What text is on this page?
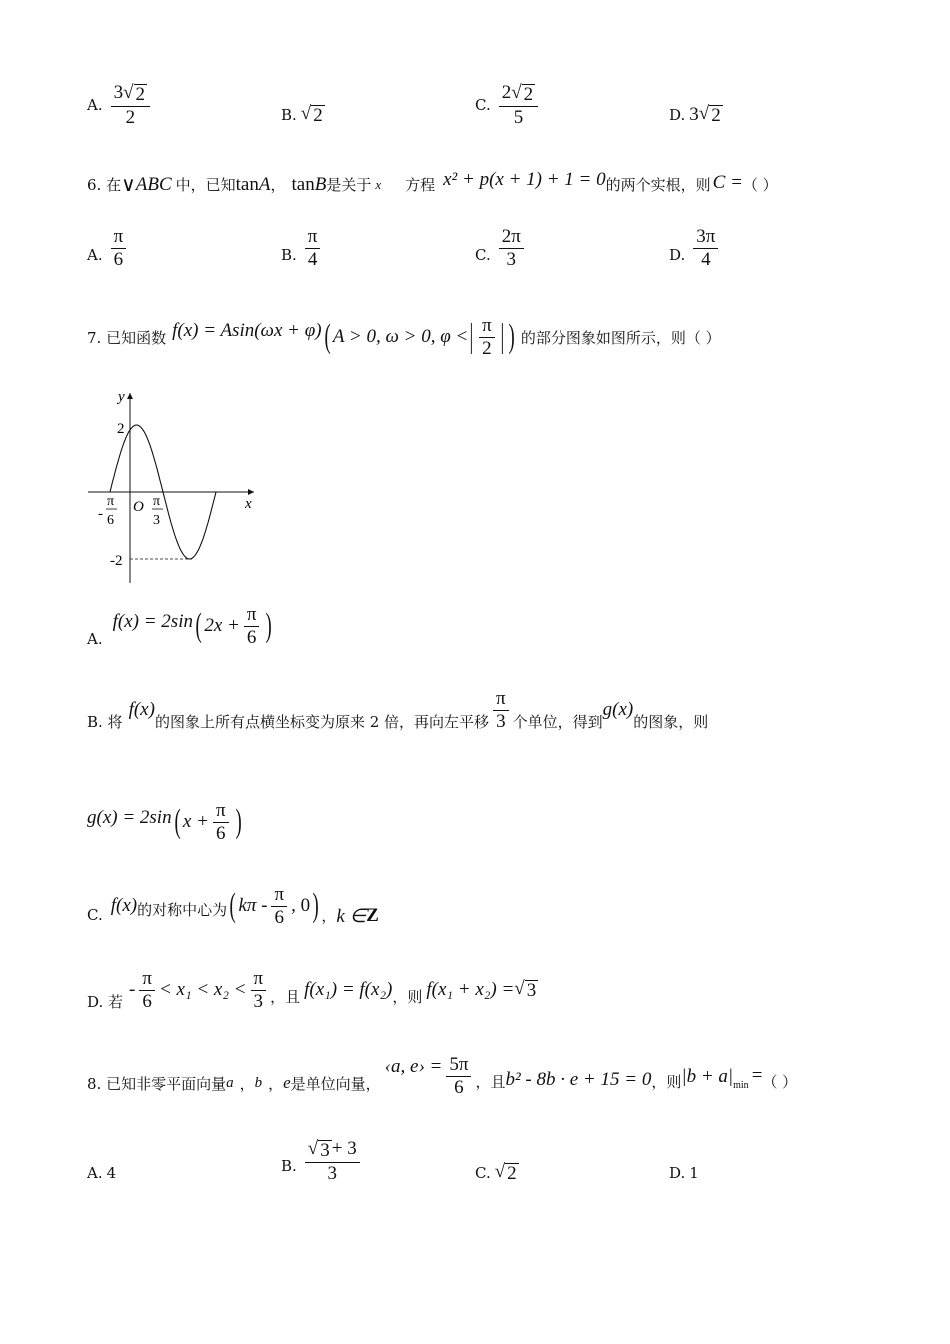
A. $\frac{3 √ 2}{2}$	B. √ 2	C. $\frac{2 √ 2}{5}$	D. 3 √ 2
6. 在 ∨ ABC 中，已知 tan A ， tan B 是关于 x 方程 x² + p(x + 1) + 1 = 0 的两个实根，则 C = （ ）
A. $\frac{\pi}{6}$	B. $\frac{\pi}{4}$	C. $\frac{2\pi}{3}$	D. $\frac{3\pi}{4}$
7. 已知函数 f(x) = Asin(ωx + φ) ( A > 0, ω > 0, φ < | $\frac{\pi}{2}$ | ) 的部分图象如图所示，则（ ）
y
x
O
2
-2
-
π
6
π
3
A.
f(x) = 2sin ( $2x + \frac{\pi}{6}$ )
B. 将
f(x)
的图象上所有点横坐标变为原来 2 倍，再向左平移 $\frac{\pi}{3}$ 个单位，得到
g(x)
的图象，则
g(x) = 2sin ( $x + \frac{\pi}{6}$ )
C. f(x) 的对称中心为 ( kπ - $\frac{\pi}{6}$ , 0 ) ， k ∈ Z
D. 若
- $\frac{\pi}{6} < x_1 < x_2 < \frac{\pi}{3}$ ，且 f(x₁) = f(x₂) ，则 f(x₁ + x₂) = √ 3
8. 已知非零平面向量 a ， b ， e 是单位向量，
‹a, e› = $\frac{5\pi}{6}$ ，且 b² - 8b · e + 15 = 0 ，则 |b + a| min = （ ）
A. 4	B. $\frac{√ 3 + 3}{3}$	C. √ 2	D. 1
